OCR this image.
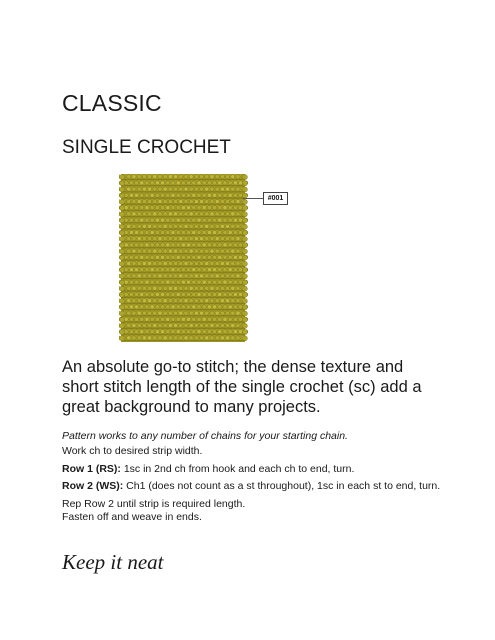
CLASSIC
SINGLE CROCHET
#001

An absolute go-to stitch; the dense texture and short stitch length of the single crochet (sc) add a great background to many projects.

Pattern works to any number of chains for your starting chain.

Work ch to desired strip width.

Row 1 (RS): 1sc in 2nd ch from hook and each ch to end, turn.

Row 2 (WS): Ch1 (does not count as a st throughout), 1sc in each st to end, turn.

Rep Row 2 until strip is required length.

Fasten off and weave in ends.

Keep it neat
